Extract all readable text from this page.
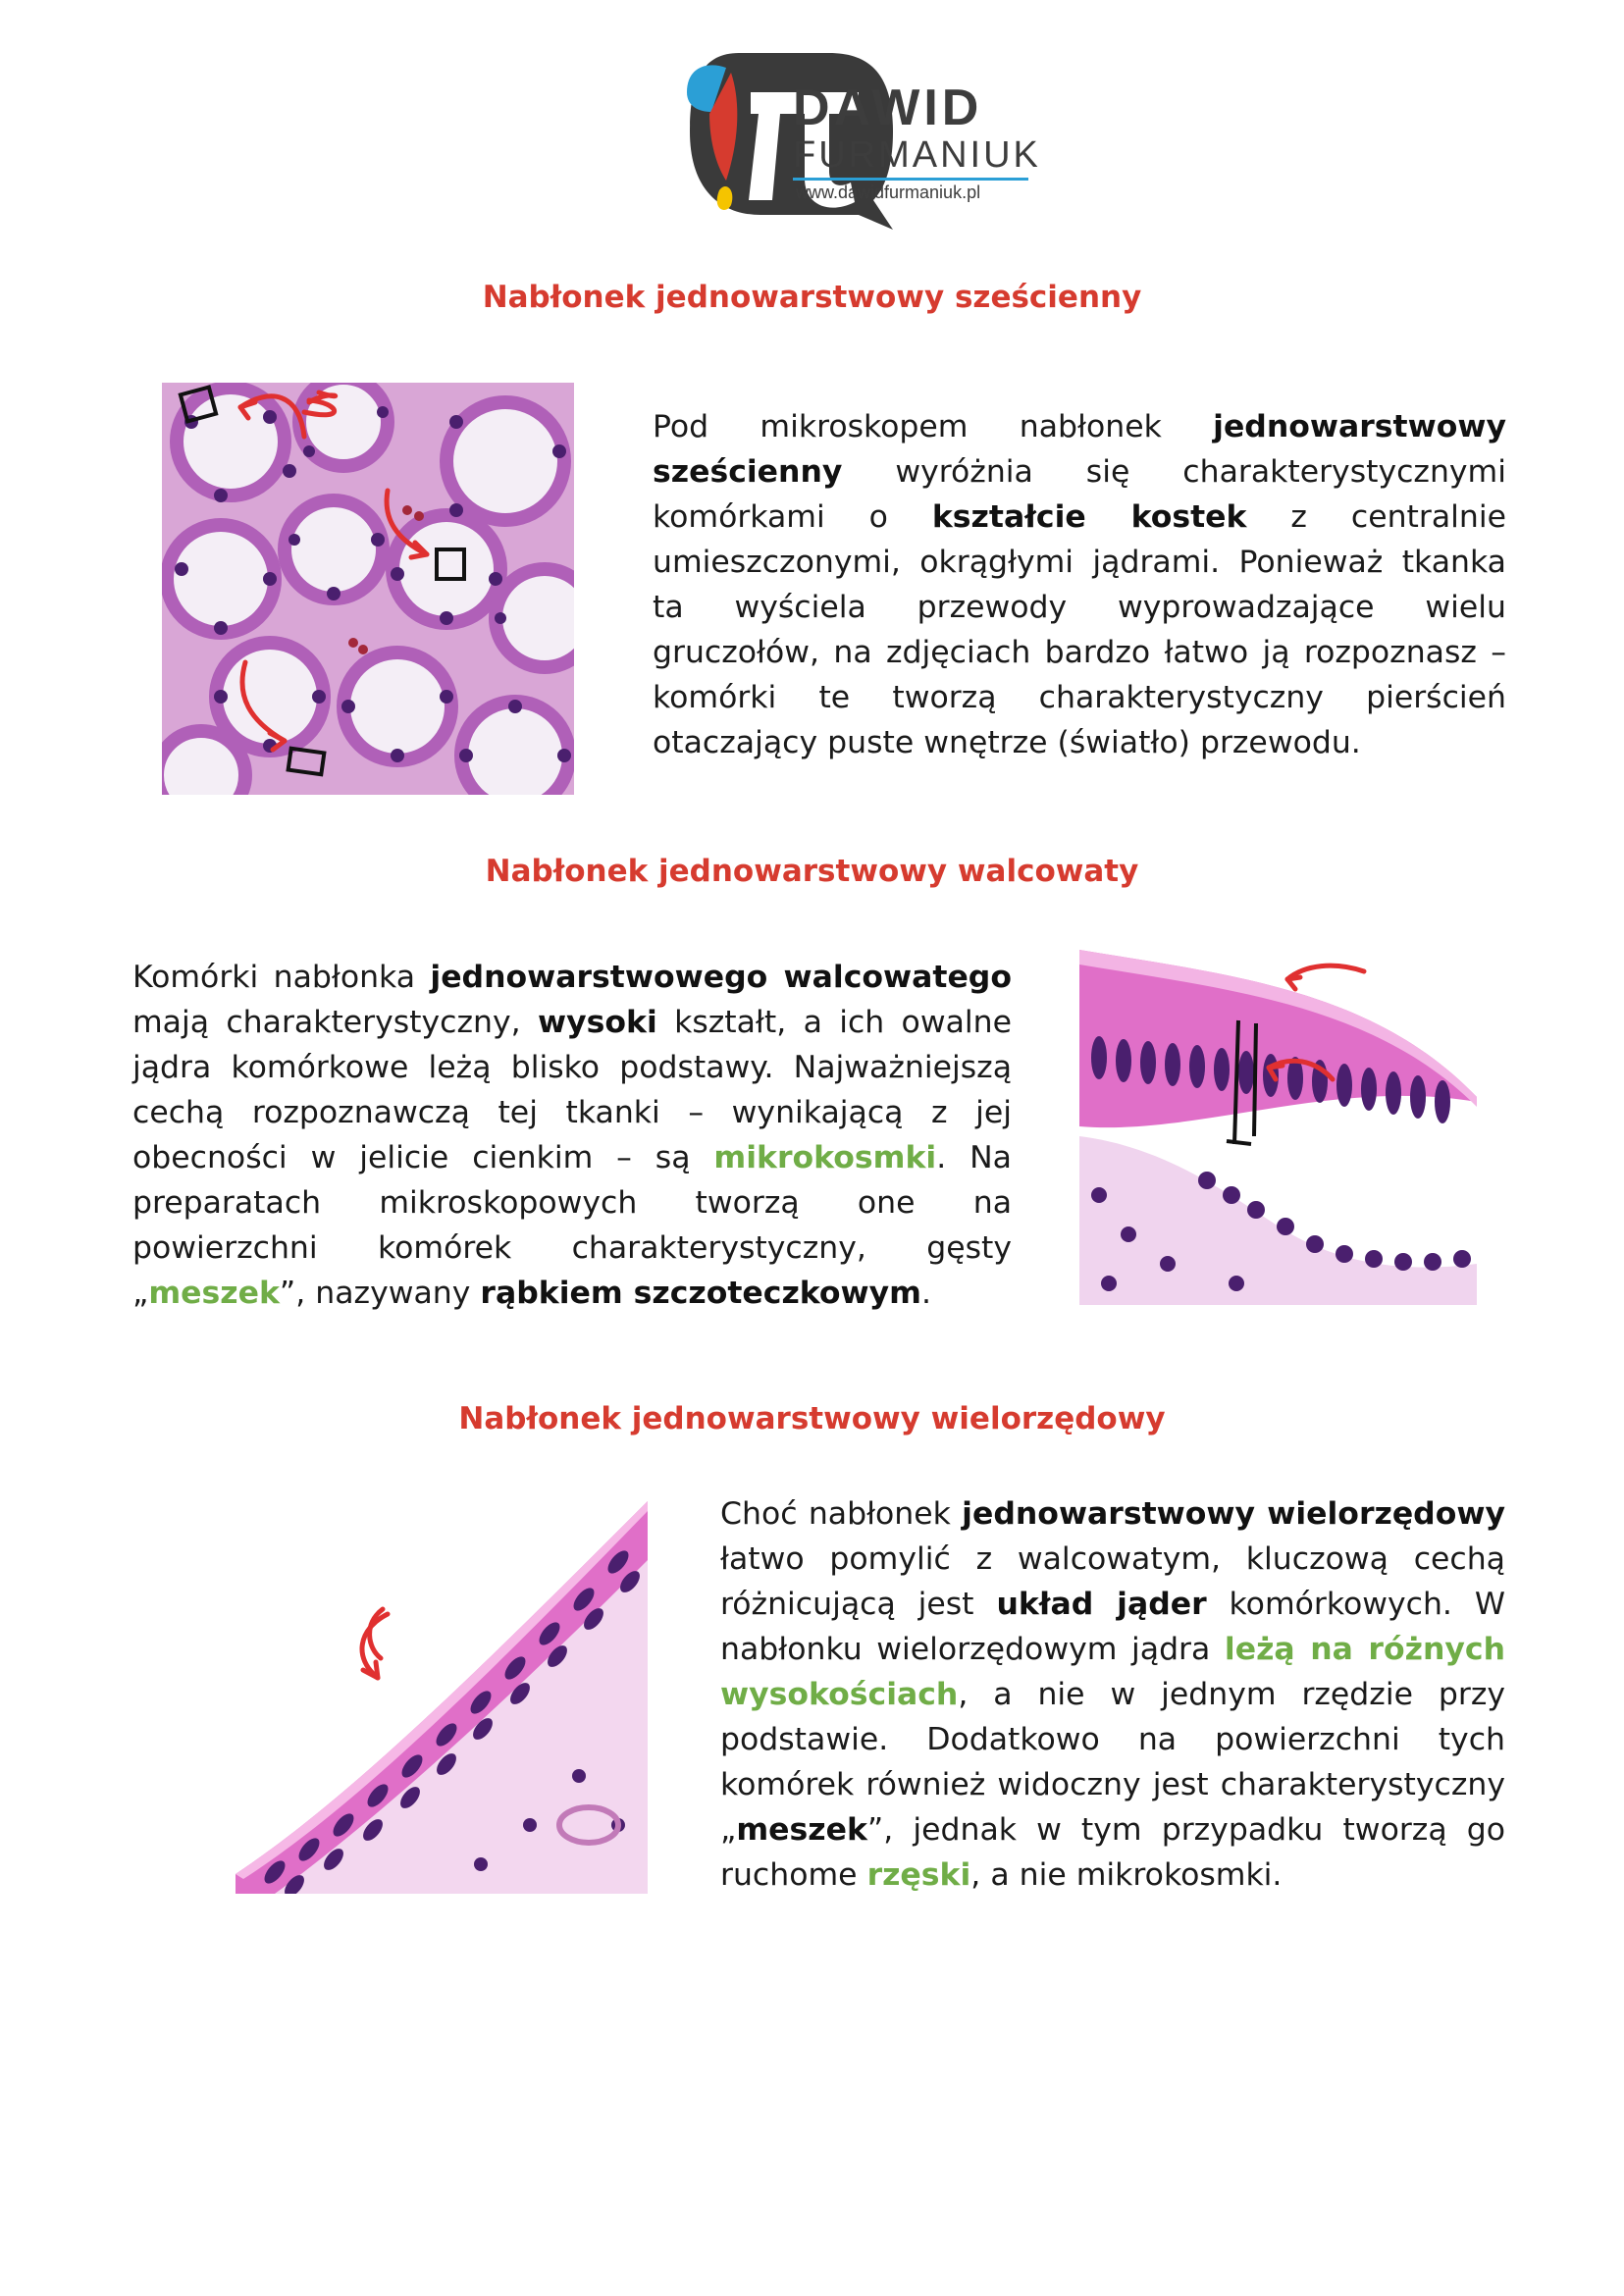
DAWID
FURMANIUK
www.dawidfurmaniuk.pl
Nabłonek jednowarstwowy sześcienny
Pod mikroskopem nabłonek jednowarstwowy sześcienny wyróżnia się charakterystycznymi komórkami o kształcie kostek z centralnie umieszczonymi, okrągłymi jądrami. Ponieważ tkanka ta wyściela przewody wyprowadzające wielu gruczołów, na zdjęciach bardzo łatwo ją rozpoznasz – komórki te tworzą charakterystyczny pierścień otaczający puste wnętrze (światło) przewodu.
Nabłonek jednowarstwowy walcowaty
Komórki nabłonka jednowarstwowego walcowatego mają charakterystyczny, wysoki kształt, a ich owalne jądra komórkowe leżą blisko podstawy. Najważniejszą cechą rozpoznawczą tej tkanki – wynikającą z jej obecności w jelicie cienkim – są mikrokosmki. Na preparatach mikroskopowych tworzą one na powierzchni komórek charakterystyczny, gęsty „meszek”, nazywany rąbkiem szczoteczkowym.
Nabłonek jednowarstwowy wielorzędowy
Choć nabłonek jednowarstwowy wielorzędowy łatwo pomylić z walcowatym, kluczową cechą różnicującą jest układ jąder komórkowych. W nabłonku wielorzędowym jądra leżą na różnych wysokościach, a nie w jednym rzędzie przy podstawie. Dodatkowo na powierzchni tych komórek również widoczny jest charakterystyczny „meszek”, jednak w tym przypadku tworzą go ruchome rzęski, a nie mikrokosmki.
